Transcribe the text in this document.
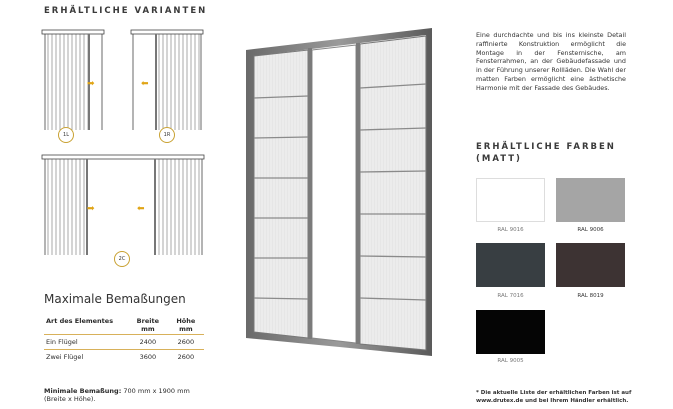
ERHÄLTLICHE VARIANTEN
➡
1L
⬅
1R
➡	⬅
2C
Maximale Bemaßungen
Art des Elementes	Breite mm	Höhe mm
Ein Flügel	2400	2600
Zwei Flügel	3600	2600
Minimale Bemaßung: 700 mm x 1900 mm
(Breite x Höhe).
Eine durchdachte und bis ins kleinste Detail raffinierte Konstruktion ermöglicht die Montage in der Fensternische, am Fensterrahmen, an der Gebäudefassade und in der Führung unserer Rollläden. Die Wahl der matten Farben ermöglicht eine ästhetische Harmonie mit der Fassade des Gebäudes.
ERHÄLTLICHE FARBEN
(MATT)
RAL 9016	RAL 9006
RAL 7016	RAL 8019
RAL 9005
* Die aktuelle Liste der erhältlichen Farben ist auf
www.drutex.de und bei Ihrem Händler erhältlich.
